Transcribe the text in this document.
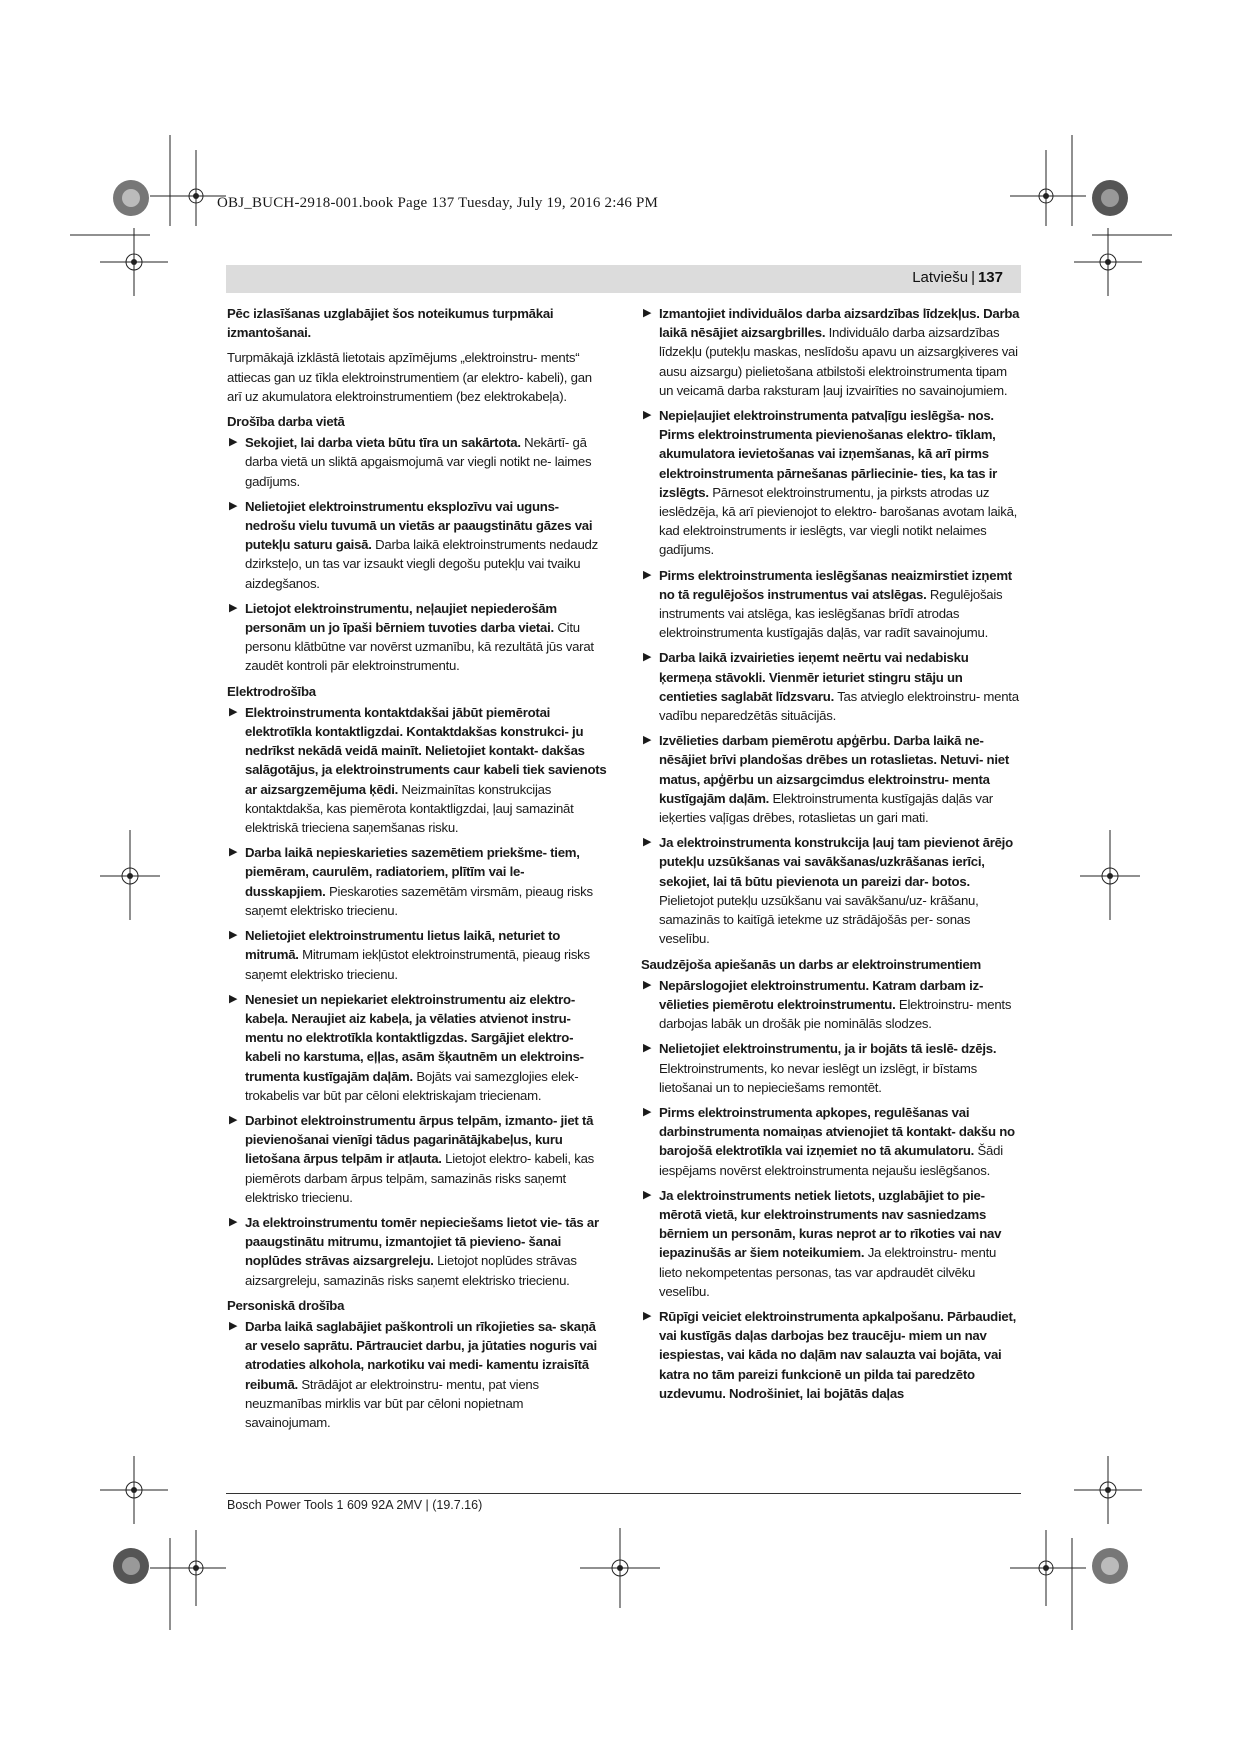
OBJ_BUCH-2918-001.book Page 137 Tuesday, July 19, 2016 2:46 PM
Latviešu | 137

Pēc izlasīšanas uzglabājiet šos noteikumus turpmākai izmantošanai.

Turpmākajā izklāstā lietotais apzīmējums „elektroinstru- ments“ attiecas gan uz tīkla elektroinstrumentiem (ar elektro- kabeli), gan arī uz akumulatora elektroinstrumentiem (bez elektrokabeļa).

Drošība darba vietā
▶ Sekojiet, lai darba vieta būtu tīra un sakārtota. Nekārtī- gā darba vietā un sliktā apgaismojumā var viegli notikt ne- laimes gadījums.
▶ Nelietojiet elektroinstrumentu eksplozīvu vai uguns- nedrošu vielu tuvumā un vietās ar paaugstinātu gāzes vai putekļu saturu gaisā. Darba laikā elektroinstruments nedaudz dzirksteļo, un tas var izsaukt viegli degošu putekļu vai tvaiku aizdegšanos.
▶ Lietojot elektroinstrumentu, neļaujiet nepiederošām personām un jo īpaši bērniem tuvoties darba vietai. Citu personu klātbūtne var novērst uzmanību, kā rezultātā jūs varat zaudēt kontroli pār elektroinstrumentu.
Elektrodrošība
▶ Elektroinstrumenta kontaktdakšai jābūt piemērotai elektrotīkla kontaktligzdai. Kontaktdakšas konstrukci- ju nedrīkst nekādā veidā mainīt. Nelietojiet kontakt- dakšas salāgotājus, ja elektroinstruments caur kabeli tiek savienots ar aizsargzemējuma ķēdi. Neizmainītas konstrukcijas kontaktdakša, kas piemērota kontaktligzdai, ļauj samazināt elektriskā trieciena saņemšanas risku.
▶ Darba laikā nepieskarieties sazemētiem priekšme- tiem, piemēram, caurulēm, radiatoriem, plītīm vai le- dusskapjiem. Pieskaroties sazemētām virsmām, pieaug risks saņemt elektrisko triecienu.
▶ Nelietojiet elektroinstrumentu lietus laikā, neturiet to mitrumā. Mitrumam iekļūstot elektroinstrumentā, pieaug risks saņemt elektrisko triecienu.
▶ Nenesiet un nepiekariet elektroinstrumentu aiz elektro- kabeļa. Neraujiet aiz kabeļa, ja vēlaties atvienot instru- mentu no elektrotīkla kontaktligzdas. Sargājiet elektro- kabeli no karstuma, eļļas, asām šķautnēm un elektroins- trumenta kustīgajām daļām. Bojāts vai samezglojies elek- trokabelis var būt par cēloni elektriskajam triecienam.
▶ Darbinot elektroinstrumentu ārpus telpām, izmanto- jiet tā pievienošanai vienīgi tādus pagarinātājkabeļus, kuru lietošana ārpus telpām ir atļauta. Lietojot elektro- kabeli, kas piemērots darbam ārpus telpām, samazinās risks saņemt elektrisko triecienu.
▶ Ja elektroinstrumentu tomēr nepieciešams lietot vie- tās ar paaugstinātu mitrumu, izmantojiet tā pievieno- šanai noplūdes strāvas aizsargreleju. Lietojot noplūdes strāvas aizsargreleju, samazinās risks saņemt elektrisko triecienu.
Personiskā drošība
▶ Darba laikā saglabājiet paškontroli un rīkojieties sa- skaņā ar veselo saprātu. Pārtrauciet darbu, ja jūtaties noguris vai atrodaties alkohola, narkotiku vai medi- kamentu izraisītā reibumā. Strādājot ar elektroinstru- mentu, pat viens neuzmanības mirklis var būt par cēloni nopietnam savainojumam.
▶ Izmantojiet individuālos darba aizsardzības līdzekļus. Darba laikā nēsājiet aizsargbrilles. Individuālo darba aizsardzības līdzekļu (putekļu maskas, neslīdošu apavu un aizsargķiveres vai ausu aizsargu) pielietošana atbilstoši elektroinstrumenta tipam un veicamā darba raksturam ļauj izvairīties no savainojumiem.
▶ Nepieļaujiet elektroinstrumenta patvaļīgu ieslēgša- nos. Pirms elektroinstrumenta pievienošanas elektro- tīklam, akumulatora ievietošanas vai izņemšanas, kā arī pirms elektroinstrumenta pārnešanas pārliecinie- ties, ka tas ir izslēgts. Pārnesot elektroinstrumentu, ja pirksts atrodas uz ieslēdzēja, kā arī pievienojot to elektro- barošanas avotam laikā, kad elektroinstruments ir ieslēgts, var viegli notikt nelaimes gadījums.
▶ Pirms elektroinstrumenta ieslēgšanas neaizmirstiet izņemt no tā regulējošos instrumentus vai atslēgas. Regulējošais instruments vai atslēga, kas ieslēgšanas brīdī atrodas elektroinstrumenta kustīgajās daļās, var radīt savainojumu.
▶ Darba laikā izvairieties ieņemt neērtu vai nedabisku ķermeņa stāvokli. Vienmēr ieturiet stingru stāju un centieties saglabāt līdzsvaru. Tas atvieglo elektroinstru- menta vadību neparedzētās situācijās.
▶ Izvēlieties darbam piemērotu apģērbu. Darba laikā ne- nēsājiet brīvi plandošas drēbes un rotaslietas. Netuvi- niet matus, apģērbu un aizsargcimdus elektroinstru- menta kustīgajām daļām. Elektroinstrumenta kustīgajās daļās var ieķerties vaļīgas drēbes, rotaslietas un gari mati.
▶ Ja elektroinstrumenta konstrukcija ļauj tam pievienot ārējo putekļu uzsūkšanas vai savākšanas/uzkrāšanas ierīci, sekojiet, lai tā būtu pievienota un pareizi dar- botos. Pielietojot putekļu uzsūkšanu vai savākšanu/uz- krāšanu, samazinās to kaitīgā ietekme uz strādājošās per- sonas veselību.
Saudzējoša apiešanās un darbs ar elektroinstrumentiem
▶ Nepārslogojiet elektroinstrumentu. Katram darbam iz- vēlieties piemērotu elektroinstrumentu. Elektroinstru- ments darbojas labāk un drošāk pie nominālās slodzes.
▶ Nelietojiet elektroinstrumentu, ja ir bojāts tā ieslē- dzējs. Elektroinstruments, ko nevar ieslēgt un izslēgt, ir bīstams lietošanai un to nepieciešams remontēt.
▶ Pirms elektroinstrumenta apkopes, regulēšanas vai darbinstrumenta nomaiņas atvienojiet tā kontakt- dakšu no barojošā elektrotīkla vai izņemiet no tā akumulatoru. Šādi iespējams novērst elektroinstrumenta nejaušu ieslēgšanos.
▶ Ja elektroinstruments netiek lietots, uzglabājiet to pie- mērotā vietā, kur elektroinstruments nav sasniedzams bērniem un personām, kuras neprot ar to rīkoties vai nav iepazinušās ar šiem noteikumiem. Ja elektroinstru- mentu lieto nekompetentas personas, tas var apdraudēt cilvēku veselību.
▶ Rūpīgi veiciet elektroinstrumenta apkalpošanu. Pārbaudiet, vai kustīgās daļas darbojas bez traucēju- miem un nav iespiestas, vai kāda no daļām nav salauzta vai bojāta, vai katra no tām pareizi funkcionē un pilda tai paredzēto uzdevumu. Nodrošiniet, lai bojātās daļas
Bosch Power Tools 1 609 92A 2MV | (19.7.16)
